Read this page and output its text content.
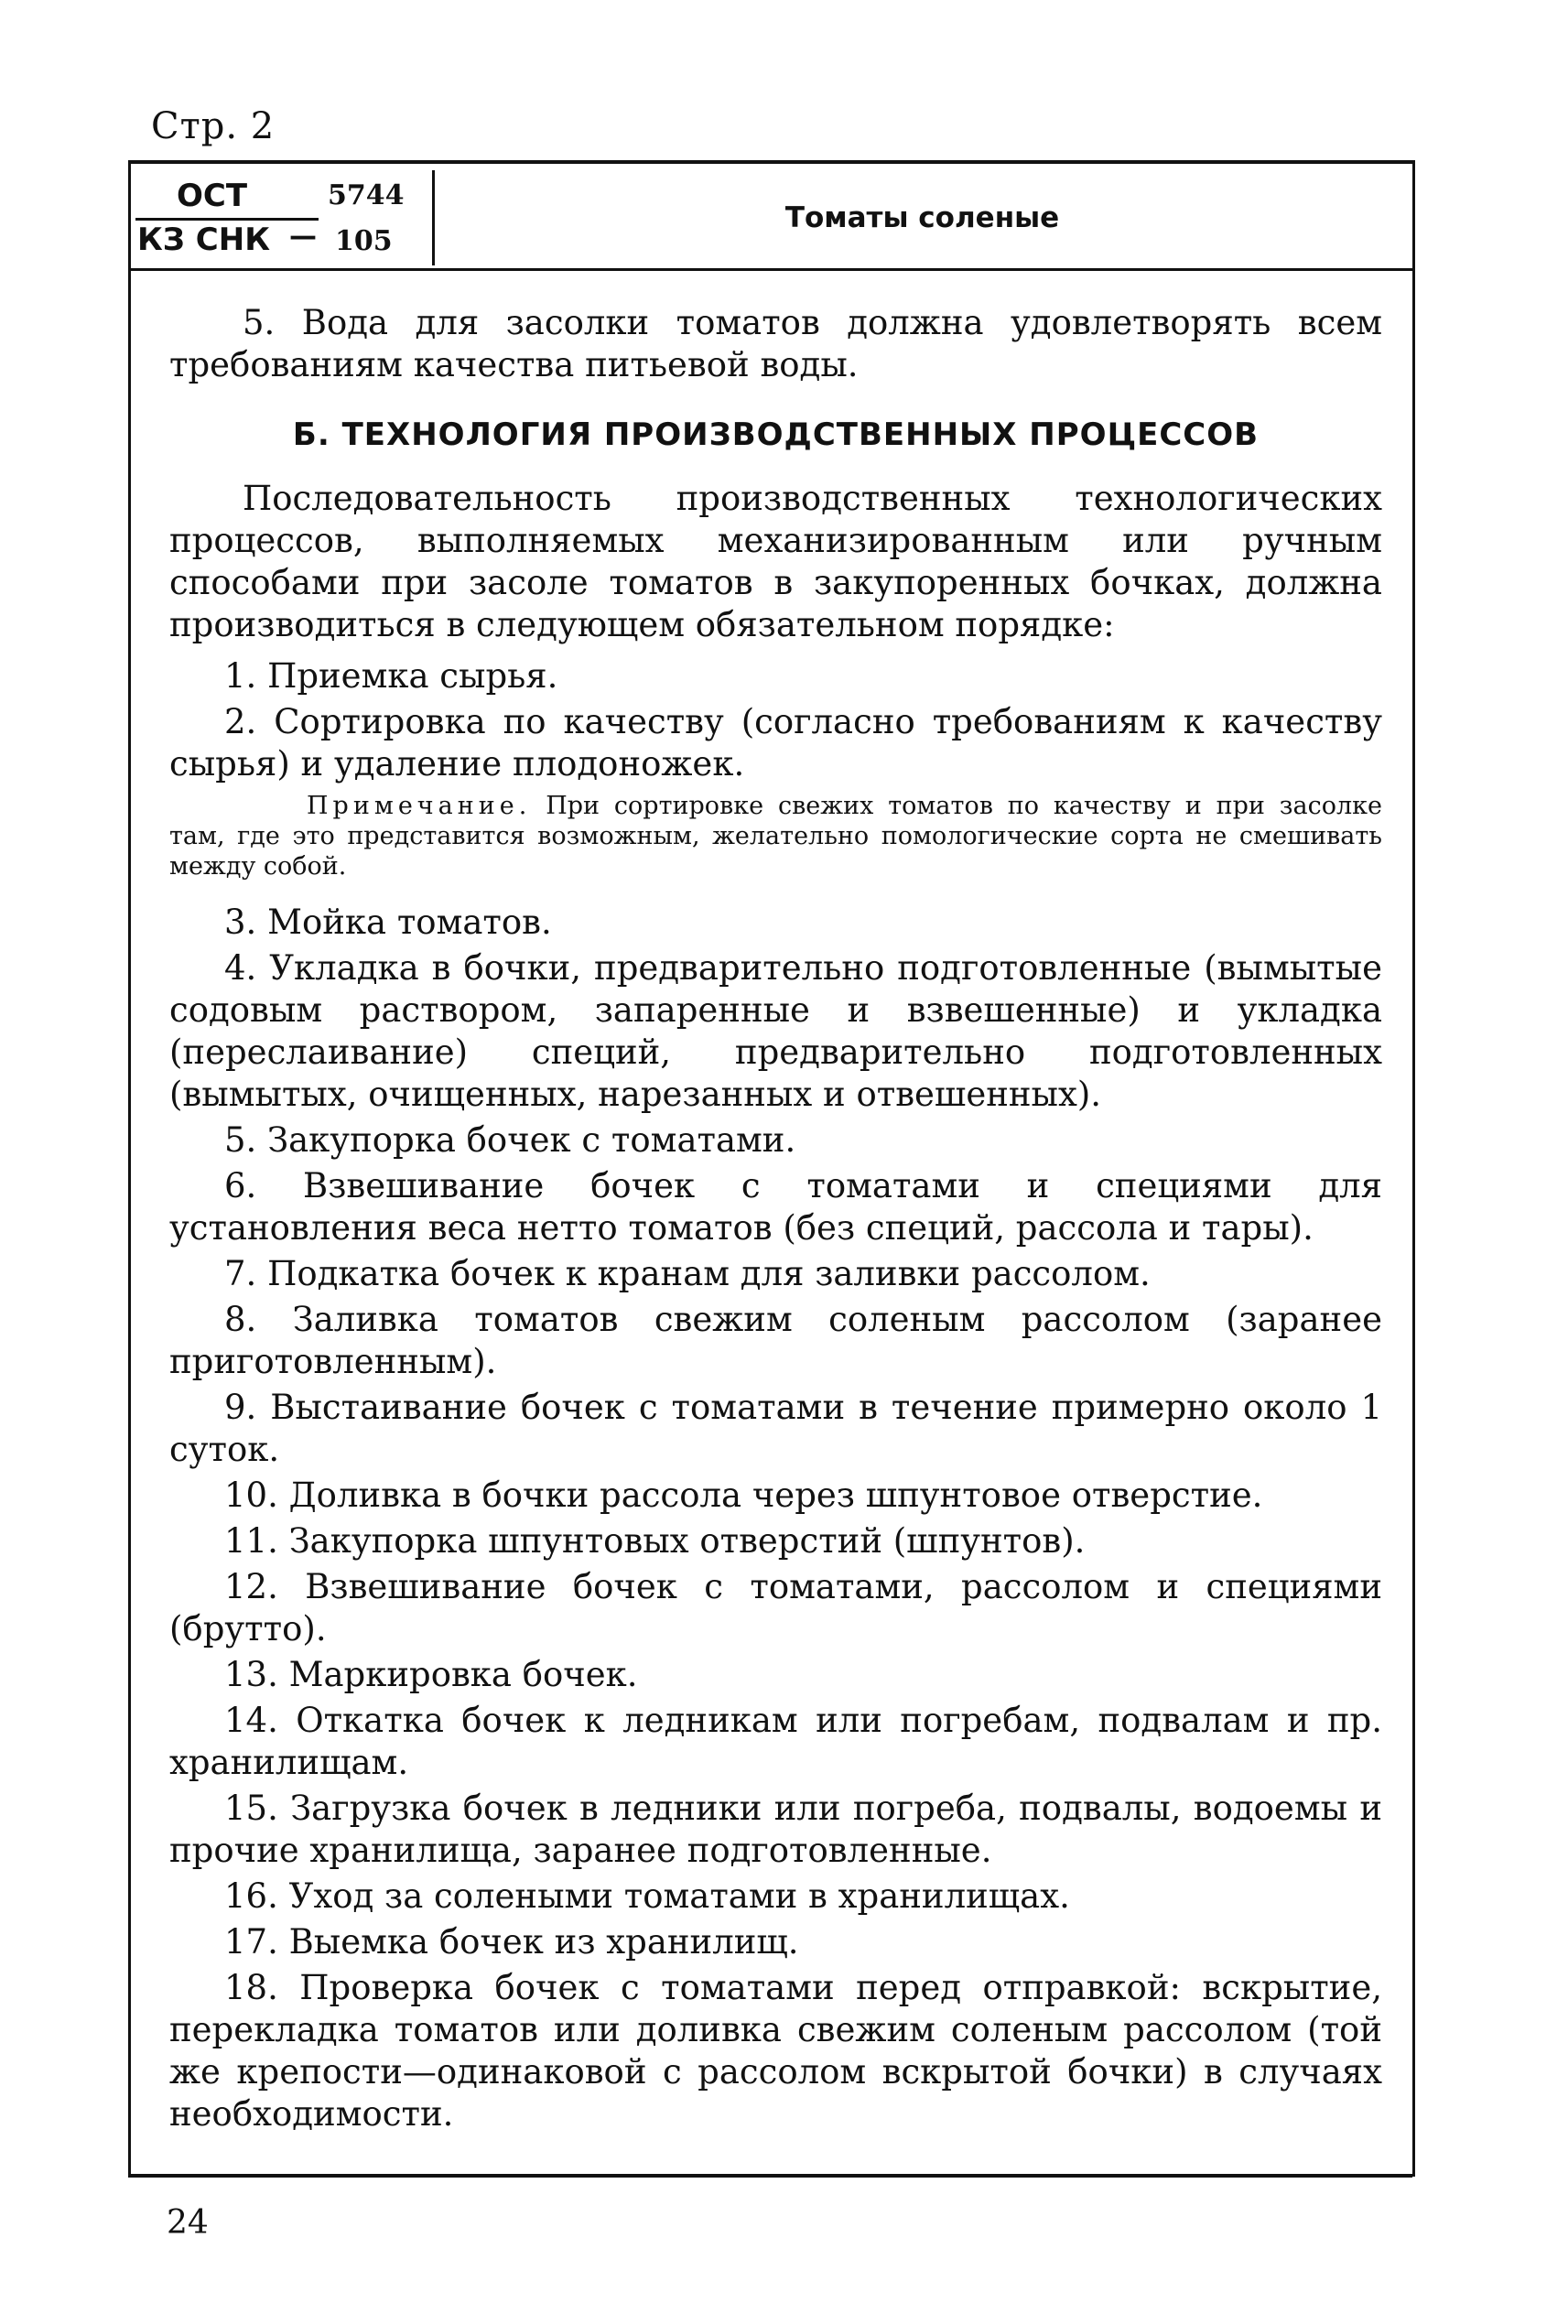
Стр. 2
ОСТ	5744
КЗ СНК — 105
Томаты соленые

5. Вода для засолки томатов должна удовлетворять всем требованиям качества питьевой воды.

Б. ТЕХНОЛОГИЯ ПРОИЗВОДСТВЕННЫХ ПРОЦЕССОВ

Последовательность производственных технологических процессов, выполняемых механизированным или ручным способами при засоле томатов в закупоренных бочках, должна производиться в следующем обязательном порядке:

1. Приемка сырья.

2. Сортировка по качеству (согласно требованиям к качеству сырья) и удаление плодоножек.

Примечание. При сортировке свежих томатов по качеству и при засолке там, где это представится возможным, желательно помологические сорта не смешивать между собой.

3. Мойка томатов.

4. Укладка в бочки, предварительно подготовленные (вымытые содовым раствором, запаренные и взвешенные) и укладка (переслаивание) специй, предварительно подготовленных (вымытых, очищенных, нарезанных и отвешенных).

5. Закупорка бочек с томатами.

6. Взвешивание бочек с томатами и специями для установления веса нетто томатов (без специй, рассола и тары).

7. Подкатка бочек к кранам для заливки рассолом.

8. Заливка томатов свежим соленым рассолом (заранее приготовленным).

9. Выстаивание бочек с томатами в течение примерно около 1 суток.

10. Доливка в бочки рассола через шпунтовое отверстие.

11. Закупорка шпунтовых отверстий (шпунтов).

12. Взвешивание бочек с томатами, рассолом и специями (брутто).

13. Маркировка бочек.

14. Откатка бочек к ледникам или погребам, подвалам и пр. хранилищам.

15. Загрузка бочек в ледники или погреба, подвалы, водоемы и прочие хранилища, заранее подготовленные.

16. Уход за солеными томатами в хранилищах.

17. Выемка бочек из хранилищ.

18. Проверка бочек с томатами перед отправкой: вскрытие, перекладка томатов или доливка свежим соленым рассолом (той же крепости—одинаковой с рассолом вскрытой бочки) в случаях необходимости.

24
